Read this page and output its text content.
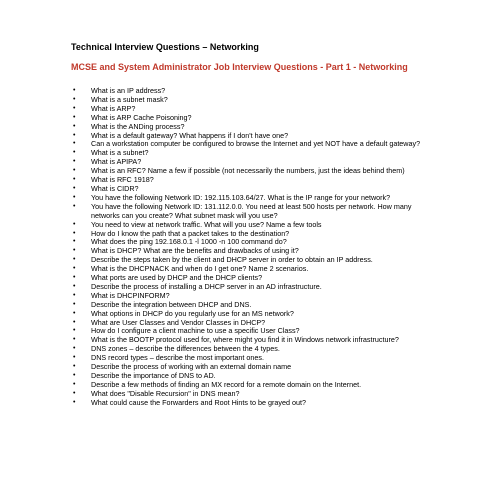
Technical Interview Questions – Networking
MCSE and System Administrator Job Interview Questions - Part 1 - Networking
• What is an IP address?
• What is a subnet mask?
• What is ARP?
• What is ARP Cache Poisoning?
• What is the ANDing process?
• What is a default gateway? What happens if I don't have one?
• Can a workstation computer be configured to browse the Internet and yet NOT have a default gateway?
• What is a subnet?
• What is APIPA?
• What is an RFC? Name a few if possible (not necessarily the numbers, just the ideas behind them)
• What is RFC 1918?
• What is CIDR?
• You have the following Network ID: 192.115.103.64/27. What is the IP range for your network?
• You have the following Network ID: 131.112.0.0. You need at least 500 hosts per network. How many networks can you create? What subnet mask will you use?
• You need to view at network traffic. What will you use? Name a few tools
• How do I know the path that a packet takes to the destination?
• What does the ping 192.168.0.1 -l 1000 -n 100 command do?
• What is DHCP? What are the benefits and drawbacks of using it?
• Describe the steps taken by the client and DHCP server in order to obtain an IP address.
• What is the DHCPNACK and when do I get one? Name 2 scenarios.
• What ports are used by DHCP and the DHCP clients?
• Describe the process of installing a DHCP server in an AD infrastructure.
• What is DHCPINFORM?
• Describe the integration between DHCP and DNS.
• What options in DHCP do you regularly use for an MS network?
• What are User Classes and Vendor Classes in DHCP?
• How do I configure a client machine to use a specific User Class?
• What is the BOOTP protocol used for, where might you find it in Windows network infrastructure?
• DNS zones – describe the differences between the 4 types.
• DNS record types – describe the most important ones.
• Describe the process of working with an external domain name
• Describe the importance of DNS to AD.
• Describe a few methods of finding an MX record for a remote domain on the Internet.
• What does "Disable Recursion" in DNS mean?
• What could cause the Forwarders and Root Hints to be grayed out?
